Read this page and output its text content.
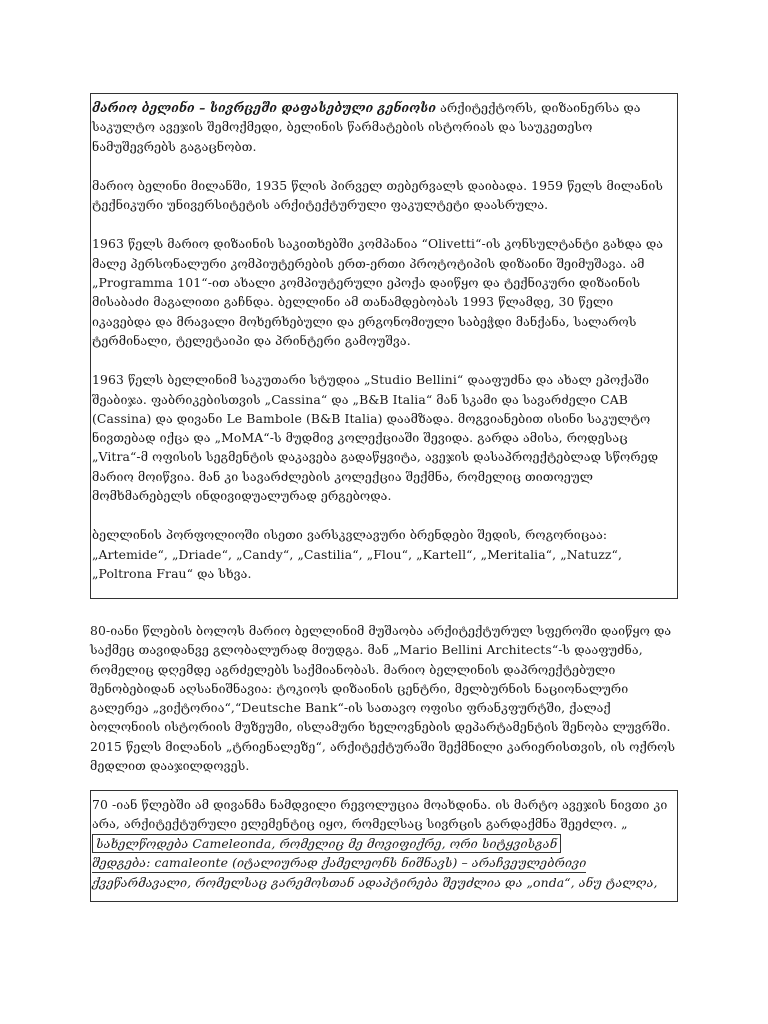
მარიო ბელინი – სივრცეში დაფასებული გენიოსი არქიტექტორს, დიზაინერსა და საკულტო ავეჯის შემოქმედი, ბელინის წარმატების ისტორიას და საუკეთესო ნამუშევრებს გაგაცნობთ.

მარიო ბელინი მილანში, 1935 წლის პირველ თებერვალს დაიბადა. 1959 წელს მილანის ტექნიკური უნივერსიტეტის არქიტექტურული ფაკულტეტი დაასრულა.

1963 წელს მარიო დიზაინის საკითხებში კომპანია “Olivetti“-ის კონსულტანტი გახდა და მალე პერსონალური კომპიუტერების ერთ-ერთი პროტოტიპის დიზაინი შეიმუშავა. ამ „Programma 101“-ით ახალი კომპიუტერული ეპოქა დაიწყო და ტექნიკური დიზაინის მისაბაძი მაგალითი გაჩნდა. ბელლინი ამ თანამდებობას 1993 წლამდე, 30 წელი იკავებდა და მრავალი მოხერხებული და ერგონომიული საბეჭდი მანქანა, სალაროს ტერმინალი, ტელეტაიპი და პრინტერი გამოუშვა.

1963 წელს ბელლინიმ საკუთარი სტუდია „Studio Bellini“ დააფუძნა და ახალ ეპოქაში შეაბიჯა. ფაბრიკებისთვის „Cassina“ და „B&B Italia“ მან სკამი და სავარძელი CAB (Cassina) და დივანი Le Bambole (B&B Italia) დაამზადა. მოგვიანებით ისინი საკულტო ნივთებად იქცა და „MoMA“-ს მუდმივ კოლექციაში შევიდა. გარდა ამისა, როდესაც „Vitra“-მ ოფისის სეგმენტის დაკავება გადაწყვიტა, ავეჯის დასაპროექტებლად სწორედ მარიო მოიწვია. მან კი სავარძლების კოლექცია შექმნა, რომელიც თითოეულ მომხმარებელს ინდივიდუალურად ერგებოდა.

ბელლინის პორფოლიოში ისეთი ვარსკვლავური ბრენდები შედის, როგორიცაა: „Artemide“, „Driade“, „Candy“, „Castilia“, „Flou“, „Kartell“, „Meritalia“, „Natuzz“, „Poltrona Frau“ და სხვა.

80-იანი წლების ბოლოს მარიო ბელლინიმ მუშაობა არქიტექტურულ სფეროში დაიწყო და საქმეც თავიდანვე გლობალურად მიუდგა. მან „Mario Bellini Architects“-ს დააფუძნა, რომელიც დღემდე აგრძელებს საქმიანობას. მარიო ბელლინის დაპროექტებული შენობებიდან აღსანიშნავია: ტოკიოს დიზაინის ცენტრი, მელბურნის ნაციონალური გალერეა „ვიქტორია“,“Deutsche Bank“-ის სათავო ოფისი ფრანკფურტში, ქალაქ ბოლონიის ისტორიის მუზეუმი, ისლამური ხელოვნების დეპარტამენტის შენობა ლუვრში. 2015 წელს მილანის „ტრიენალეზე“, არქიტექტურაში შექმნილი კარიერისთვის, ის ოქროს მედლით დააჯილდოვეს.

70 -იან წლებში ამ დივანმა ნამდვილი რევოლუცია მოახდინა. ის მარტო ავეჯის ნივთი კი არა, არქიტექტურული ელემენტიც იყო, რომელსაც სივრცის გარდაქმნა შეეძლო. „სახელწოდება Cameleonda, რომელიც მე მოვიფიქრე, ორი სიტყვისგან
შედგება: camaleonte (იტალიურად ქამელეონს ნიშნავს) – არაჩვეულებრივი
ქვეწარმავალი, რომელსაც გარემოსთან ადაპტირება შეუძლია და „onda“, ანუ ტალღა,
